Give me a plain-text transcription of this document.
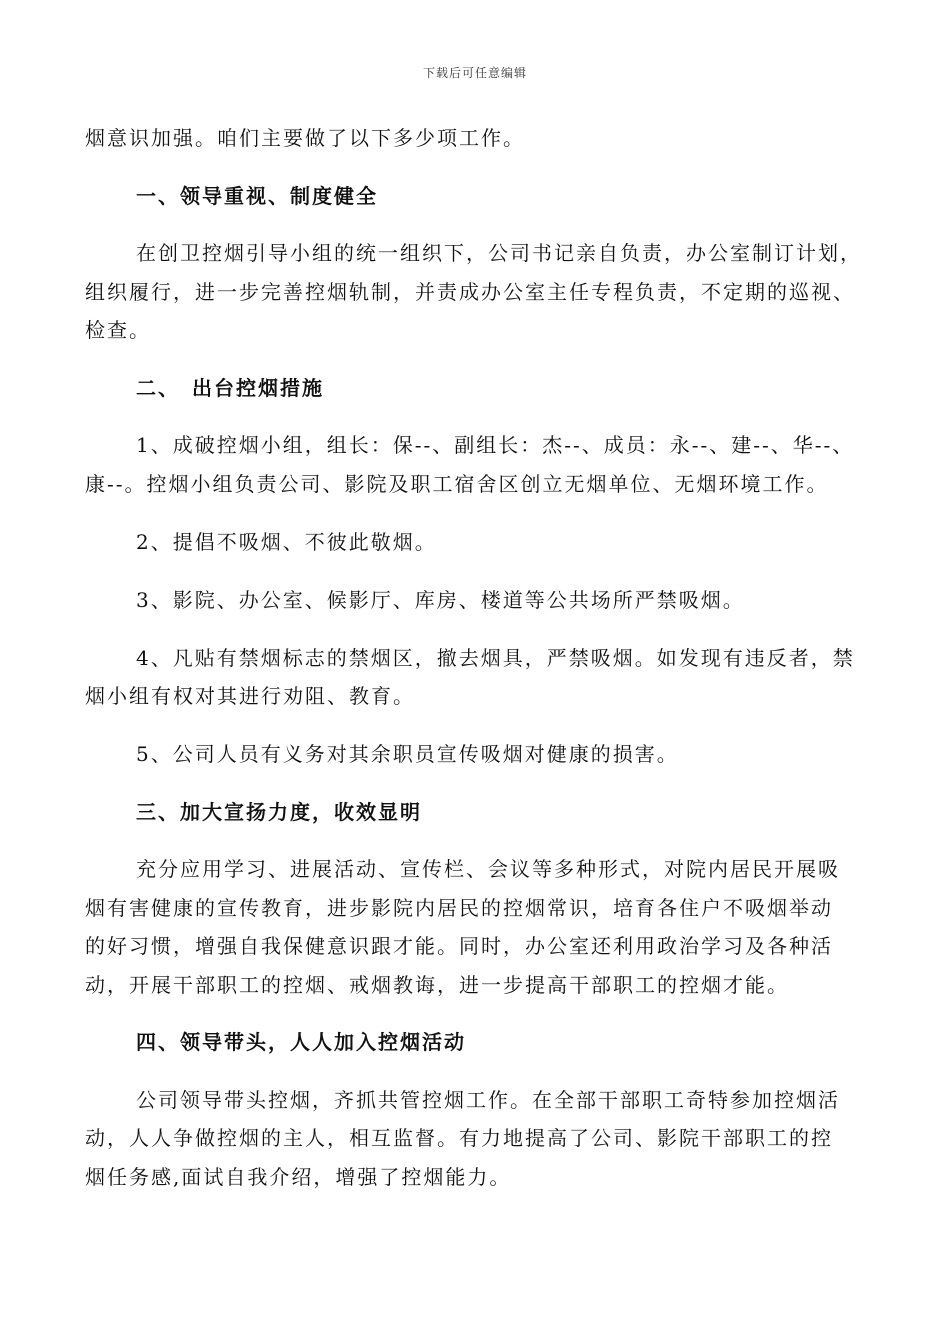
下载后可任意编辑
烟意识加强。咱们主要做了以下多少项工作。
一、领导重视、制度健全
在创卫控烟引导小组的统一组织下，公司书记亲自负责，办公室制订计划，
组织履行，进一步完善控烟轨制，并责成办公室主任专程负责，不定期的巡视、
检查。
二、　出台控烟措施
1、成破控烟小组，组长：保--、副组长：杰--、成员：永--、建--、华--、
康--。控烟小组负责公司、影院及职工宿舍区创立无烟单位、无烟环境工作。
2、提倡不吸烟、不彼此敬烟。
3、影院、办公室、候影厅、库房、楼道等公共场所严禁吸烟。
4、凡贴有禁烟标志的禁烟区，撤去烟具，严禁吸烟。如发现有违反者，禁
烟小组有权对其进行劝阻、教育。
5、公司人员有义务对其余职员宣传吸烟对健康的损害。
三、加大宣扬力度，收效显明
充分应用学习、进展活动、宣传栏、会议等多种形式，对院内居民开展吸
烟有害健康的宣传教育，进步影院内居民的控烟常识，培育各住户不吸烟举动
的好习惯，增强自我保健意识跟才能。同时，办公室还利用政治学习及各种活
动，开展干部职工的控烟、戒烟教诲，进一步提高干部职工的控烟才能。
四、领导带头，人人加入控烟活动
公司领导带头控烟，齐抓共管控烟工作。在全部干部职工奇特参加控烟活
动，人人争做控烟的主人，相互监督。有力地提高了公司、影院干部职工的控
烟任务感,面试自我介绍，增强了控烟能力。
